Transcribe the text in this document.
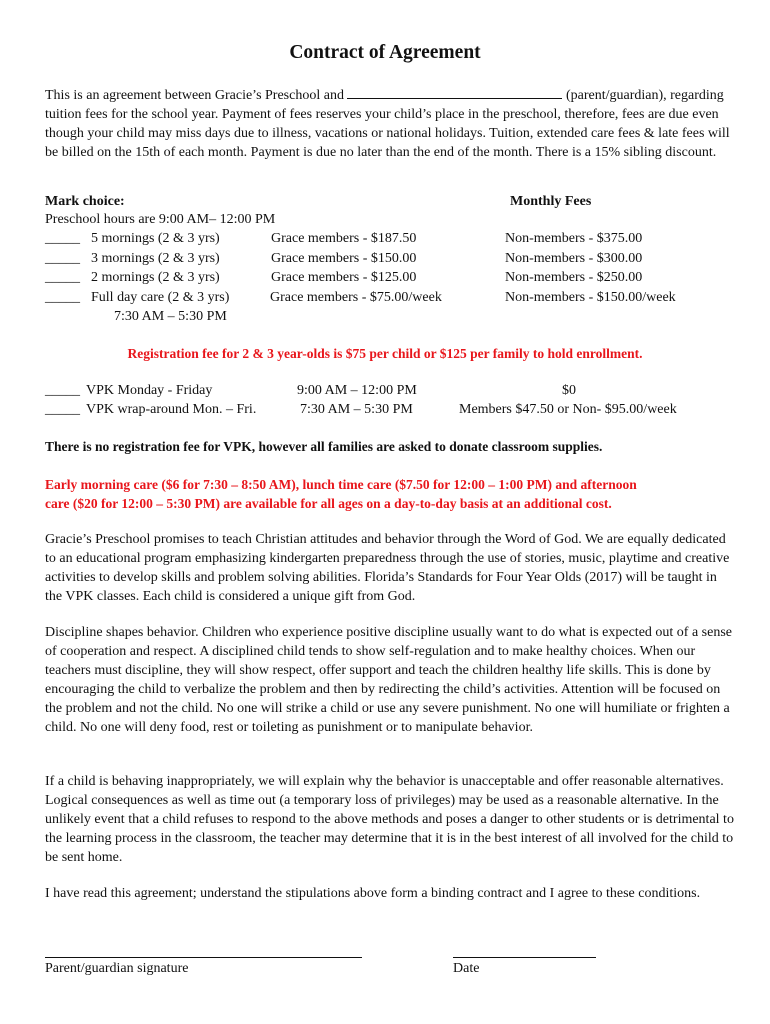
Contract of Agreement
This is an agreement between Gracie’s Preschool and	(parent/guardian), regarding tuition fees for the school year. Payment of fees reserves your child’s place in the preschool, therefore, fees are due even though your child may miss days due to illness, vacations or national holidays. Tuition, extended care fees & late fees will be billed on the 15th of each month. Payment is due no later than the end of the month. There is a 15% sibling discount.
Mark choice:	Monthly Fees
Preschool hours are 9:00 AM– 12:00 PM
_____ 5 mornings (2 & 3 yrs)	Grace members - $187.50	Non-members - $375.00
_____ 3 mornings (2 & 3 yrs)	Grace members - $150.00	Non-members - $300.00
_____ 2 mornings (2 & 3 yrs)	Grace members - $125.00	Non-members - $250.00
_____ Full day care (2 & 3 yrs)	Grace members - $75.00/week	Non-members - $150.00/week
7:30 AM – 5:30 PM
Registration fee for 2 & 3 year-olds is $75 per child or $125 per family to hold enrollment.
_____ VPK Monday - Friday	9:00 AM – 12:00 PM	$0
_____ VPK wrap-around Mon. – Fri.	7:30 AM – 5:30 PM	Members $47.50 or Non- $95.00/week
There is no registration fee for VPK, however all families are asked to donate classroom supplies.
Early morning care ($6 for 7:30 – 8:50 AM), lunch time care ($7.50 for 12:00 – 1:00 PM) and afternoon
care ($20 for 12:00 – 5:30 PM) are available for all ages on a day-to-day basis at an additional cost.
Gracie’s Preschool promises to teach Christian attitudes and behavior through the Word of God. We are equally dedicated to an educational program emphasizing kindergarten preparedness through the use of stories, music, playtime and creative activities to develop skills and problem solving abilities. Florida’s Standards for Four Year Olds (2017) will be taught in the VPK classes. Each child is considered a unique gift from God.
Discipline shapes behavior. Children who experience positive discipline usually want to do what is expected out of a sense of cooperation and respect. A disciplined child tends to show self-regulation and to make healthy choices. When our teachers must discipline, they will show respect, offer support and teach the children healthy life skills. This is done by encouraging the child to verbalize the problem and then by redirecting the child’s activities. Attention will be focused on the problem and not the child. No one will strike a child or use any severe punishment. No one will humiliate or frighten a child. No one will deny food, rest or toileting as punishment or to manipulate behavior.
If a child is behaving inappropriately, we will explain why the behavior is unacceptable and offer reasonable alternatives. Logical consequences as well as time out (a temporary loss of privileges) may be used as a reasonable alternative. In the unlikely event that a child refuses to respond to the above methods and poses a danger to other students or is detrimental to the learning process in the classroom, the teacher may determine that it is in the best interest of all involved for the child to be sent home.
I have read this agreement; understand the stipulations above form a binding contract and I agree to these conditions.
Parent/guardian signature	Date
